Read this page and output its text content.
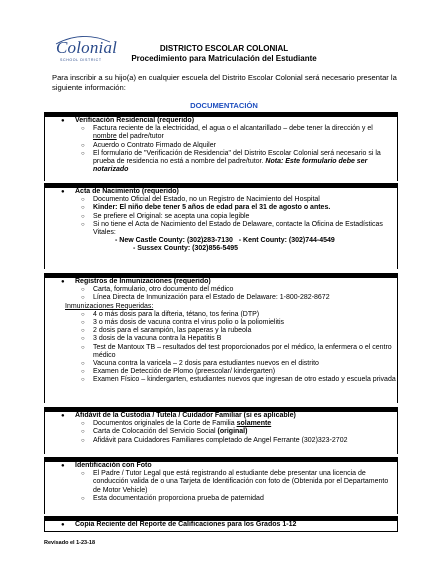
Colonial
SCHOOL DISTRICT
DISTRICTO ESCOLAR COLONIAL
Procedimiento para Matriculación del Estudiante
Para inscribir a su hijo(a) en cualquier escuela del Distrito Escolar Colonial será necesario presentar la siguiente información:
DOCUMENTACIÓN
● Verificación Residencial (requerido)
○ Factura reciente de la electricidad, el agua o el alcantarillado – debe tener la dirección y el nombre del padre/tutor
○ Acuerdo o Contrato Firmado de Alquiler
○ El formulario de "Verificación de Residencia" del Distrito Escolar Colonial será necesario si la prueba de residencia no está a nombre del padre/tutor. Nota: Este formulario debe ser notarizado
● Acta de Nacimiento (requerido)
○ Documento Oficial del Estado, no un Registro de Nacimiento del Hospital
○ Kinder: El niño debe tener 5 años de edad para el 31 de agosto o antes.
○ Se prefiere el Original: se acepta una copia legible
○ Si no tiene el Acta de Nacimiento del Estado de Delaware, contacte la Oficina de Estadísticas Vitales:
- New Castle County: (302)283-7130 - Kent County: (302)744-4549
- Sussex County: (302)856-5495
● Registros de Inmunizaciones (requerido)
○ Carta, formulario, otro documento del médico
○ Línea Directa de Inmunización para el Estado de Delaware: 1-800-282-8672
Inmunizaciones Requeridas:
○ 4 o más dosis para la difteria, tétano, tos ferina (DTP)
○ 3 o más dosis de vacuna contra el virus polio o la poliomielitis
○ 2 dosis para el sarampión, las paperas y la rubeola
○ 3 dosis de la vacuna contra la Hepatitis B
○ Test de Mantoux TB – resultados del test proporcionados por el médico, la enfermera o el centro médico
○ Vacuna contra la varicela – 2 dosis para estudiantes nuevos en el distrito
○ Examen de Detección de Plomo (preescolar/ kindergarten)
○ Examen Físico – kindergarten, estudiantes nuevos que ingresan de otro estado y escuela privada
● Afidávit de la Custodia / Tutela / Cuidador Familiar (si es aplicable)
○ Documentos originales de la Corte de Familia solamente
○ Carta de Colocación del Servicio Social (original)
○ Afidávit para Cuidadores Familiares completado de Angel Ferrante (302)323-2702
● Identificación con Foto
○ El Padre / Tutor Legal que está registrando al estudiante debe presentar una licencia de conducción valida de o una Tarjeta de Identificación con foto de (Obtenida por el Departamento de Motor Vehicle)
○ Esta documentación proporciona prueba de paternidad
● Copia Reciente del Reporte de Calificaciones para los Grados 1-12
Revisado el 1-23-18
